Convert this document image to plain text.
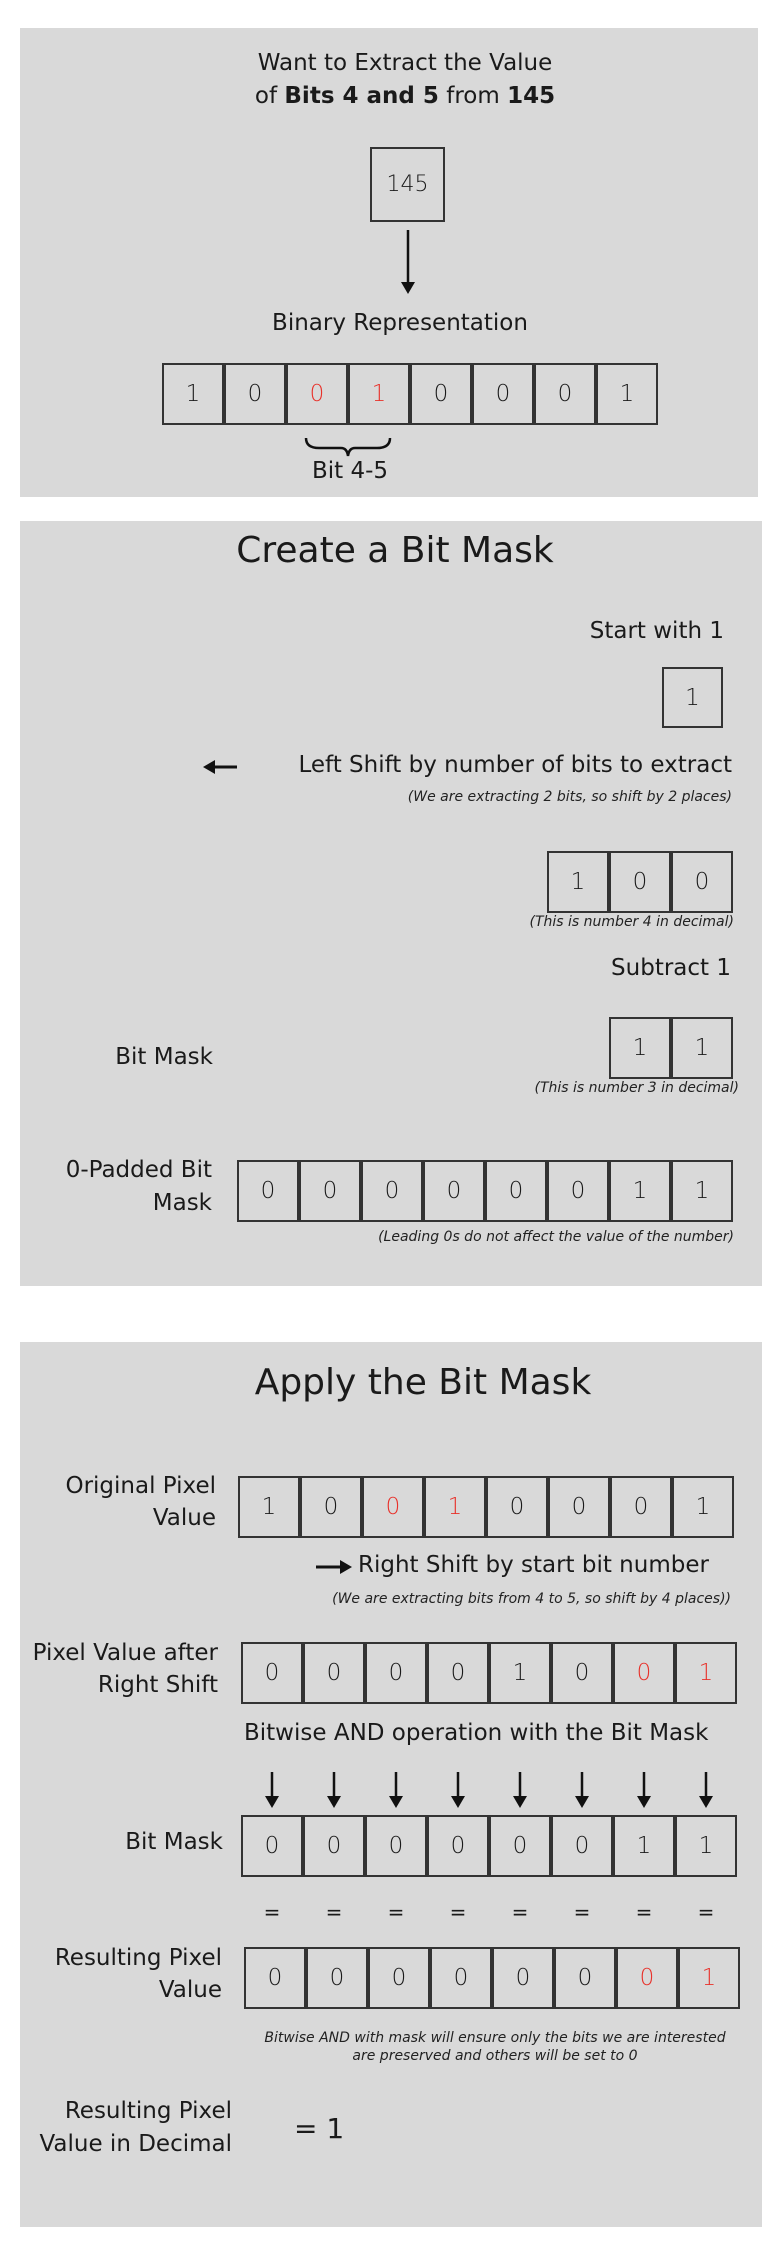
Want to Extract the Value
of Bits 4 and 5 from 145
145
Binary Representation
1	0	0	1	0	0	0	1
Bit 4-5
Create a Bit Mask
Start with 1
1
Left Shift by number of bits to extract
(We are extracting 2 bits, so shift by 2 places)
1	0	0
(This is number 4 in decimal)
Subtract 1
Bit Mask	1	1
(This is number 3 in decimal)
0-Padded Bit
Mask	0	0	0	0	0	0	1	1
(Leading 0s do not affect the value of the number)
Apply the Bit Mask
Original Pixel
Value	1	0	0	1	0	0	0	1
Right Shift by start bit number
(We are extracting bits from 4 to 5, so shift by 4 places))
Pixel Value after
Right Shift	0	0	0	0	1	0	0	1
Bitwise AND operation with the Bit Mask
Bit Mask	0	0	0	0	0	0	1	1
=	=	=	=	=	=	=	=
Resulting Pixel
Value	0	0	0	0	0	0	0	1
Bitwise AND with mask will ensure only the bits we are interested
are preserved and others will be set to 0
Resulting Pixel
Value in Decimal = 1
